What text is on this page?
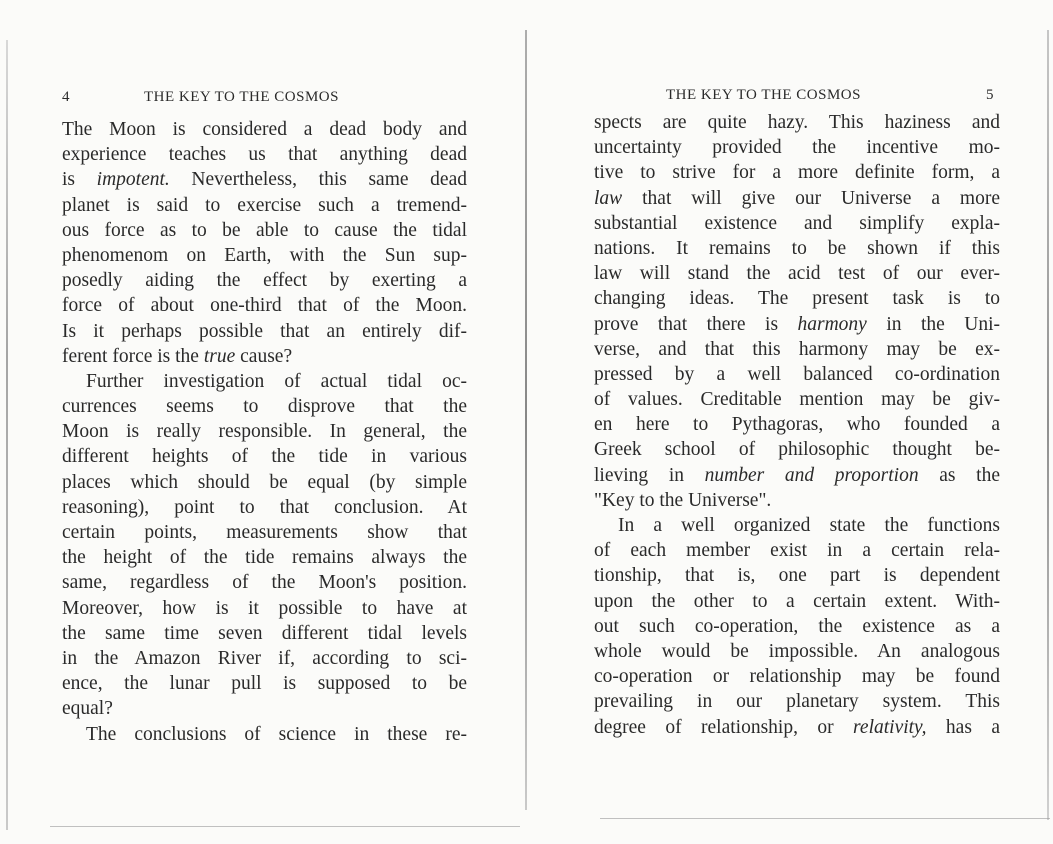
4	THE KEY TO THE COSMOS
The Moon is considered a dead body and
experience teaches us that anything dead
is impotent. Nevertheless, this same dead
planet is said to exercise such a tremend-
ous force as to be able to cause the tidal
phenomenom on Earth, with the Sun sup-
posedly aiding the effect by exerting a
force of about one-third that of the Moon.
Is it perhaps possible that an entirely dif-
ferent force is the true cause?
Further investigation of actual tidal oc-
currences seems to disprove that the
Moon is really responsible. In general, the
different heights of the tide in various
places which should be equal (by simple
reasoning), point to that conclusion. At
certain points, measurements show that
the height of the tide remains always the
same, regardless of the Moon's position.
Moreover, how is it possible to have at
the same time seven different tidal levels
in the Amazon River if, according to sci-
ence, the lunar pull is supposed to be
equal?
The conclusions of science in these re-
THE KEY TO THE COSMOS	5
spects are quite hazy. This haziness and
uncertainty provided the incentive mo-
tive to strive for a more definite form, a
law that will give our Universe a more
substantial existence and simplify expla-
nations. It remains to be shown if this
law will stand the acid test of our ever-
changing ideas. The present task is to
prove that there is harmony in the Uni-
verse, and that this harmony may be ex-
pressed by a well balanced co-ordination
of values. Creditable mention may be giv-
en here to Pythagoras, who founded a
Greek school of philosophic thought be-
lieving in number and proportion as the
"Key to the Universe".
In a well organized state the functions
of each member exist in a certain rela-
tionship, that is, one part is dependent
upon the other to a certain extent. With-
out such co-operation, the existence as a
whole would be impossible. An analogous
co-operation or relationship may be found
prevailing in our planetary system. This
degree of relationship, or relativity, has a
